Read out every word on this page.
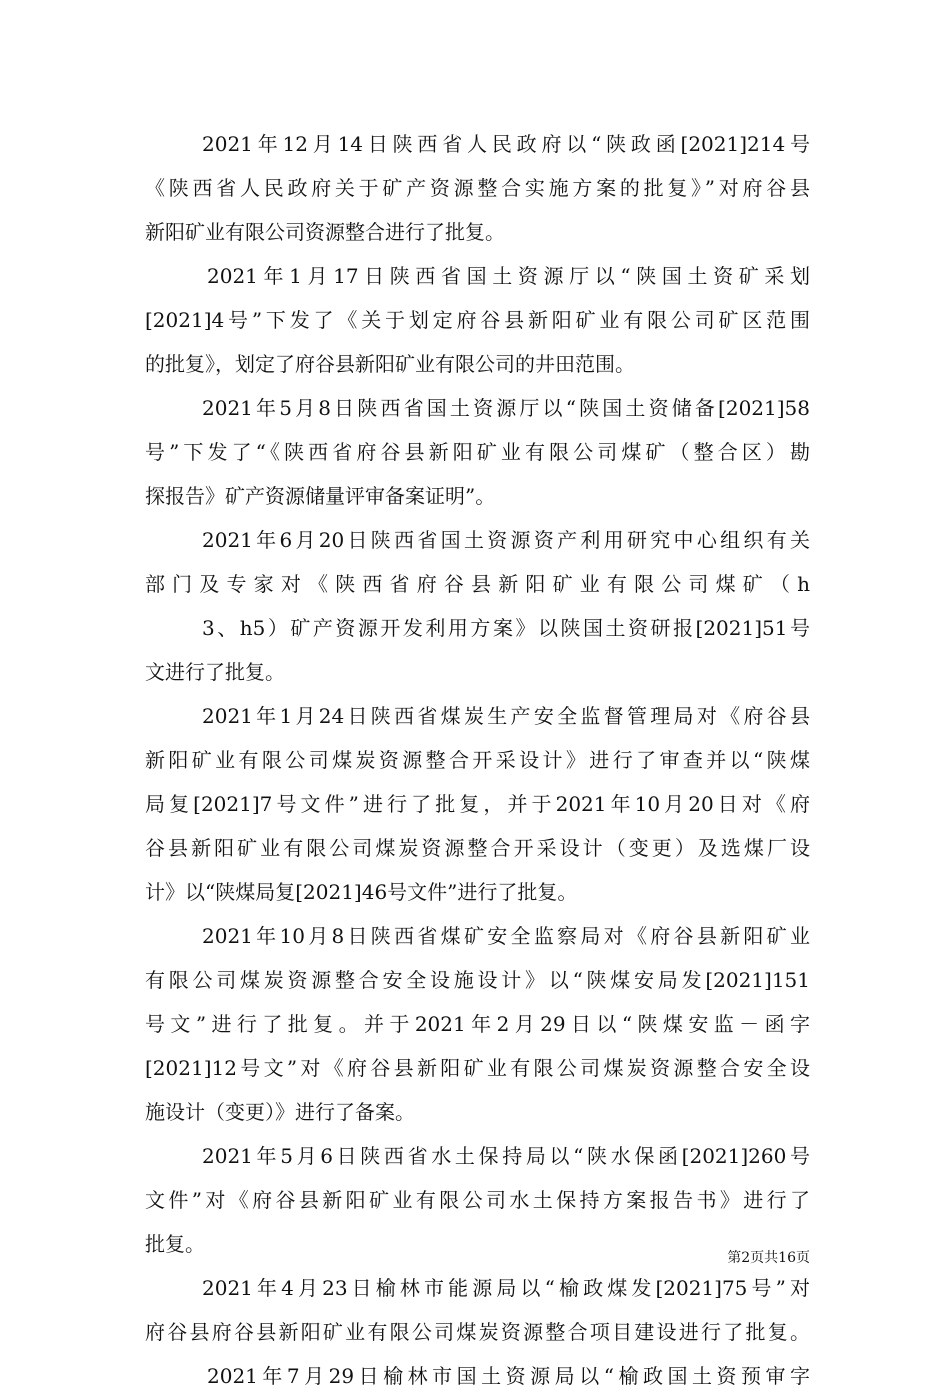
2021年12月14日陕西省人民政府以“陕政函[2021]214号
《陕西省人民政府关于矿产资源整合实施方案的批复》”对府谷县
新阳矿业有限公司资源整合进行了批复。
2021年1月17日陕西省国土资源厅以“陕国土资矿采划
[2021]4号”下发了《关于划定府谷县新阳矿业有限公司矿区范围
的批复》，划定了府谷县新阳矿业有限公司的井田范围。
2021年5月8日陕西省国土资源厅以“陕国土资储备[2021]58
号”下发了“《陕西省府谷县新阳矿业有限公司煤矿（整合区）勘
探报告》矿产资源储量评审备案证明”。
2021年6月20日陕西省国土资源资产利用研究中心组织有关
部门及专家对《陕西省府谷县新阳矿业有限公司煤矿（h
3、h5）矿产资源开发利用方案》以陕国土资研报[2021]51号
文进行了批复。
2021年1月24日陕西省煤炭生产安全监督管理局对《府谷县
新阳矿业有限公司煤炭资源整合开采设计》进行了审查并以“陕煤
局复[2021]7号文件”进行了批复，并于2021年10月20日对《府
谷县新阳矿业有限公司煤炭资源整合开采设计（变更）及选煤厂设
计》以“陕煤局复[2021]46号文件”进行了批复。
2021年10月8日陕西省煤矿安全监察局对《府谷县新阳矿业
有限公司煤炭资源整合安全设施设计》以“陕煤安局发[2021]151
号文”进行了批复。并于2021年2月29日以“陕煤安监－函字
[2021]12号文”对《府谷县新阳矿业有限公司煤炭资源整合安全设
施设计（变更）》进行了备案。
2021年5月6日陕西省水土保持局以“陕水保函[2021]260号
文件”对《府谷县新阳矿业有限公司水土保持方案报告书》进行了
批复。
2021年4月23日榆林市能源局以“榆政煤发[2021]75号”对
府谷县府谷县新阳矿业有限公司煤炭资源整合项目建设进行了批复。
2021年7月29日榆林市国土资源局以“榆政国土资预审字
第2页共16页
